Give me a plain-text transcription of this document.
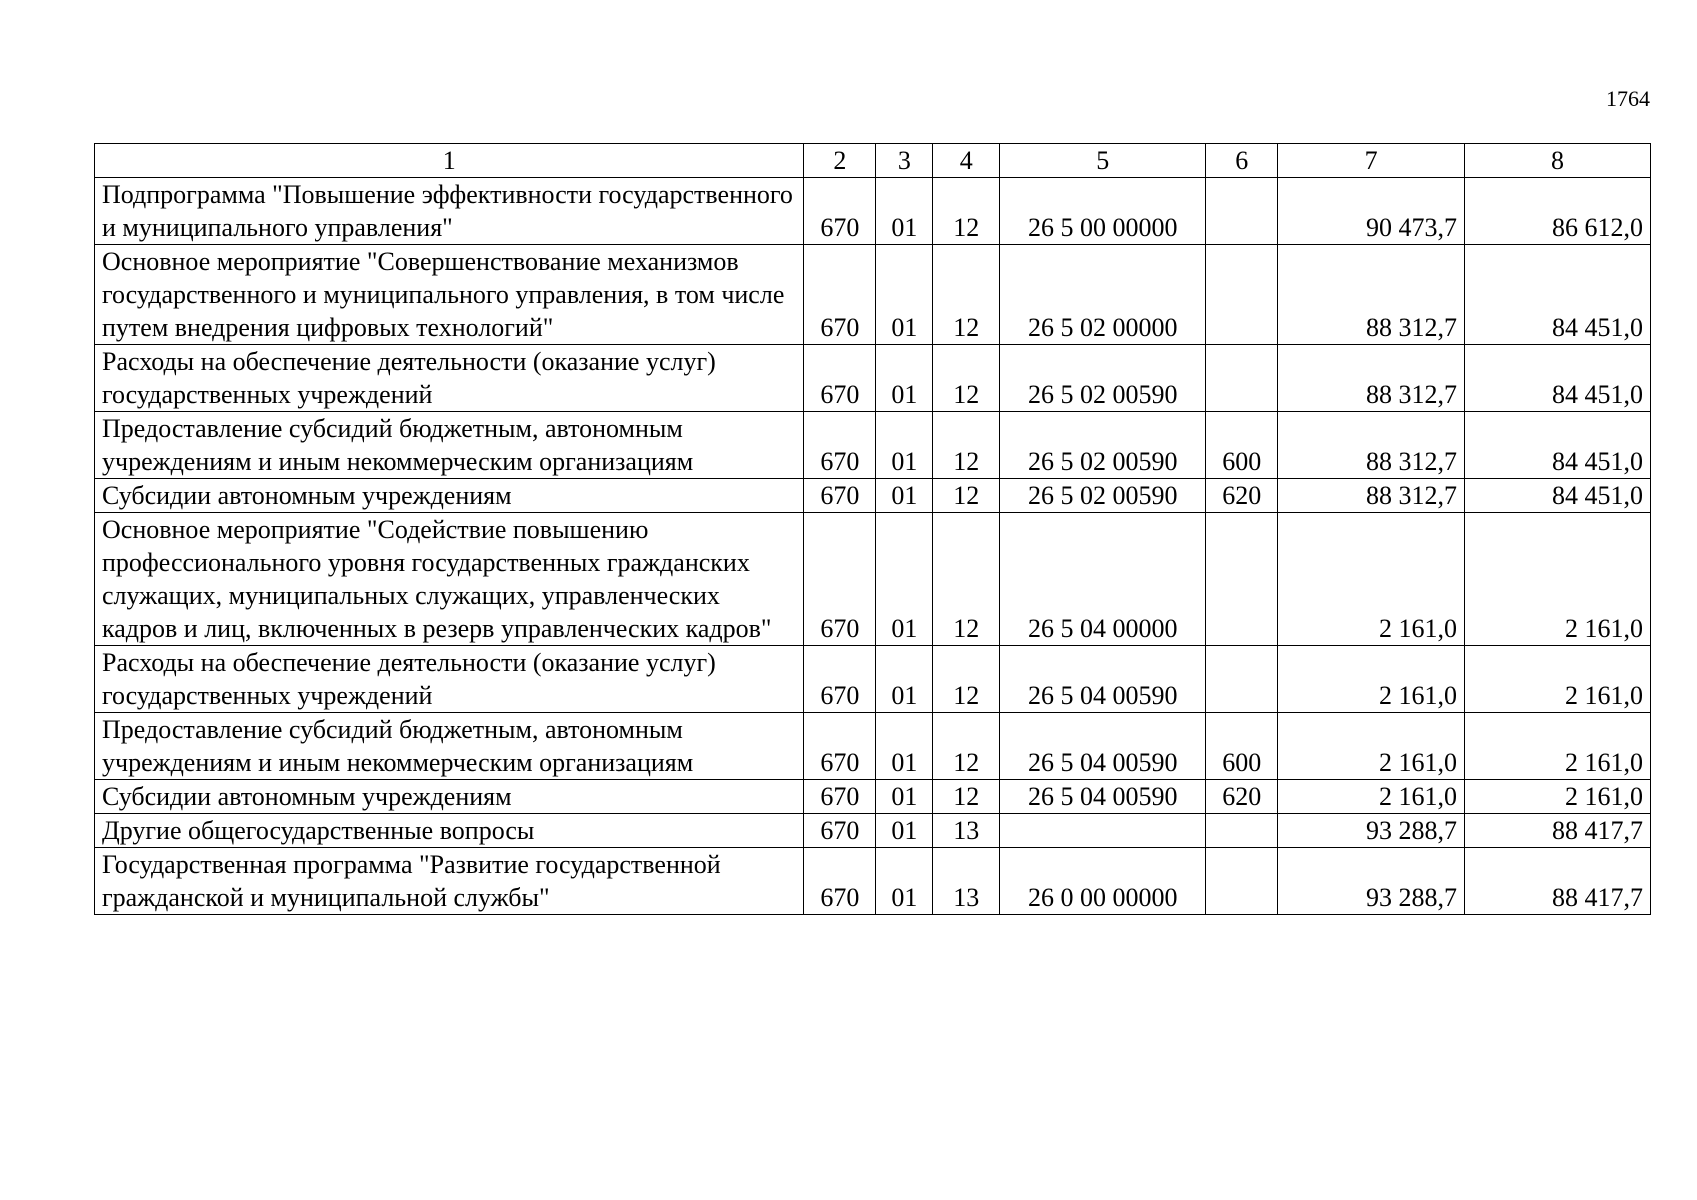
1764
1	2	3	4	5	6	7	8
Подпрограмма "Повышение эффективности государственного и муниципального управления"	670	01	12	26 5 00 00000		90 473,7	86 612,0
Основное мероприятие "Совершенствование механизмов государственного и муниципального управления, в том числе путем внедрения цифровых технологий"	670	01	12	26 5 02 00000		88 312,7	84 451,0
Расходы на обеспечение деятельности (оказание услуг) государственных учреждений	670	01	12	26 5 02 00590		88 312,7	84 451,0
Предоставление субсидий бюджетным, автономным учреждениям и иным некоммерческим организациям	670	01	12	26 5 02 00590	600	88 312,7	84 451,0
Субсидии автономным учреждениям	670	01	12	26 5 02 00590	620	88 312,7	84 451,0
Основное мероприятие "Содействие повышению профессионального уровня государственных гражданских служащих, муниципальных служащих, управленческих кадров и лиц, включенных в резерв управленческих кадров"	670	01	12	26 5 04 00000		2 161,0	2 161,0
Расходы на обеспечение деятельности (оказание услуг) государственных учреждений	670	01	12	26 5 04 00590		2 161,0	2 161,0
Предоставление субсидий бюджетным, автономным учреждениям и иным некоммерческим организациям	670	01	12	26 5 04 00590	600	2 161,0	2 161,0
Субсидии автономным учреждениям	670	01	12	26 5 04 00590	620	2 161,0	2 161,0
Другие общегосударственные вопросы	670	01	13			93 288,7	88 417,7
Государственная программа "Развитие государственной гражданской и муниципальной службы"	670	01	13	26 0 00 00000		93 288,7	88 417,7
